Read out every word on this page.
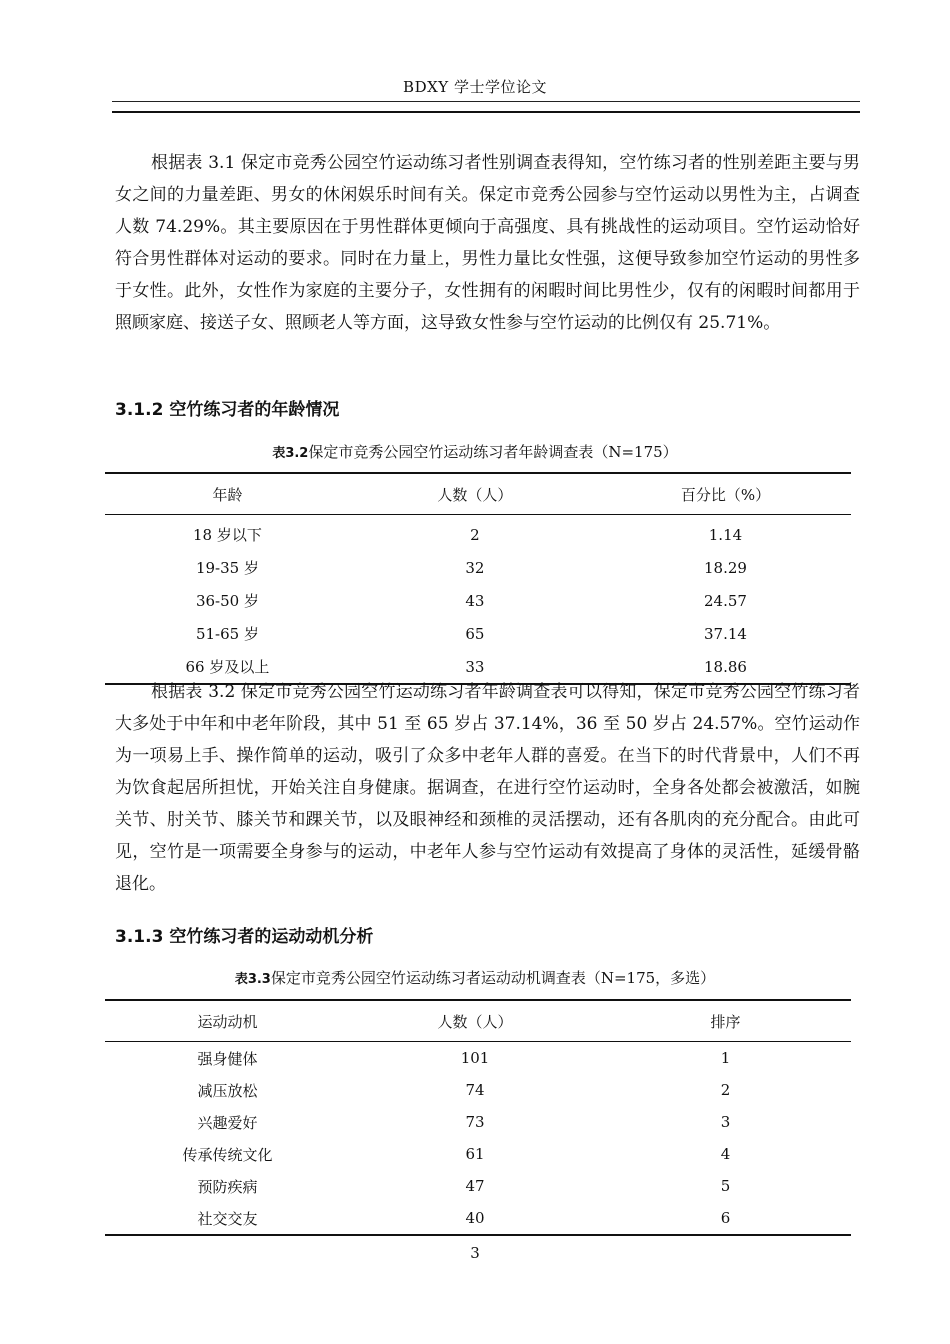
BDXY 学士学位论文

根据表 3.1 保定市竞秀公园空竹运动练习者性别调查表得知，空竹练习者的性别差距主要与男女之间的力量差距、男女的休闲娱乐时间有关。保定市竞秀公园参与空竹运动以男性为主，占调查人数 74.29%。其主要原因在于男性群体更倾向于高强度、具有挑战性的运动项目。空竹运动恰好符合男性群体对运动的要求。同时在力量上，男性力量比女性强，这便导致参加空竹运动的男性多于女性。此外，女性作为家庭的主要分子，女性拥有的闲暇时间比男性少，仅有的闲暇时间都用于照顾家庭、接送子女、照顾老人等方面，这导致女性参与空竹运动的比例仅有 25.71%。

3.1.2 空竹练习者的年龄情况
表3.2保定市竞秀公园空竹运动练习者年龄调查表（N=175）
年龄	人数（人）	百分比（%）
18 岁以下	2	1.14
19-35 岁	32	18.29
36-50 岁	43	24.57
51-65 岁	65	37.14
66 岁及以上	33	18.86

根据表 3.2 保定市竞秀公园空竹运动练习者年龄调查表可以得知，保定市竞秀公园空竹练习者大多处于中年和中老年阶段，其中 51 至 65 岁占 37.14%，36 至 50 岁占 24.57%。空竹运动作为一项易上手、操作简单的运动，吸引了众多中老年人群的喜爱。在当下的时代背景中，人们不再为饮食起居所担忧，开始关注自身健康。据调查，在进行空竹运动时，全身各处都会被激活，如腕关节、肘关节、膝关节和踝关节，以及眼神经和颈椎的灵活摆动，还有各肌肉的充分配合。由此可见，空竹是一项需要全身参与的运动，中老年人参与空竹运动有效提高了身体的灵活性，延缓骨骼退化。

3.1.3 空竹练习者的运动动机分析
表3.3保定市竞秀公园空竹运动练习者运动动机调查表（N=175，多选）
运动动机	人数（人）	排序
强身健体	101	1
减压放松	74	2
兴趣爱好	73	3
传承传统文化	61	4
预防疾病	47	5
社交交友	40	6
3
